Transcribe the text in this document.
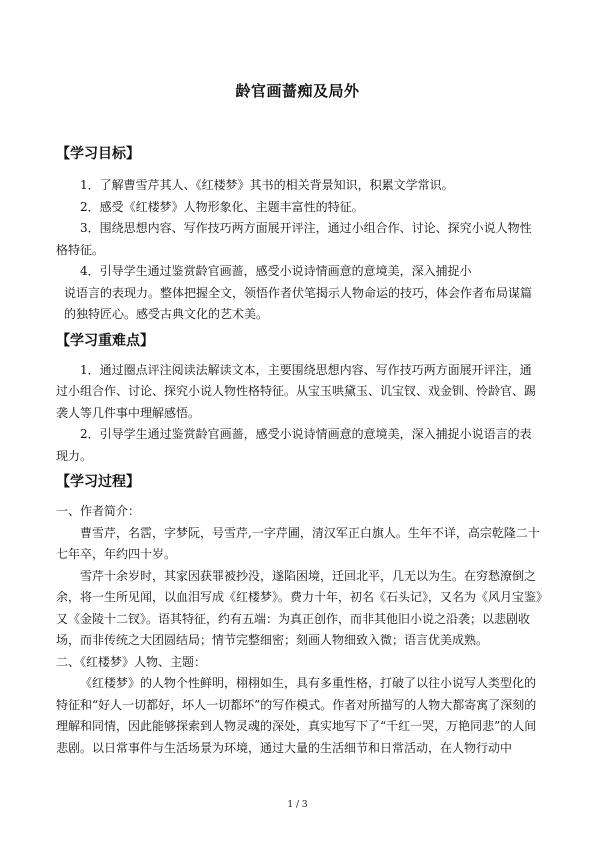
龄官画蔷痴及局外

【学习目标】

1．了解曹雪芹其人、《红楼梦》其书的相关背景知识，积累文学常识。

2．感受《红楼梦》人物形象化、主题丰富性的特征。

3．围绕思想内容、写作技巧两方面展开评注，通过小组合作、讨论、探究小说人物性格特征。

4．引导学生通过鉴赏龄官画蔷，感受小说诗情画意的意境美，深入捕捉小

说语言的表现力。整体把握全文，领悟作者伏笔揭示人物命运的技巧，体会作者布局谋篇的独特匠心。感受古典文化的艺术美。

【学习重难点】

1．通过圈点评注阅读法解读文本，主要围绕思想内容、写作技巧两方面展开评注，通过小组合作、讨论、探究小说人物性格特征。从宝玉哄黛玉、讥宝钗、戏金钏、怜龄官、踢袭人等几件事中理解感悟。

2．引导学生通过鉴赏龄官画蔷，感受小说诗情画意的意境美，深入捕捉小说语言的表现力。

【学习过程】

一、作者简介：

曹雪芹，名霑，字梦阮，号雪芹,一字芹圃，清汉军正白旗人。生年不详，高宗乾隆二十七年卒，年约四十岁。

雪芹十余岁时，其家因获罪被抄没，遂陷困境，迁回北平，几无以为生。在穷愁潦倒之余，将一生所见闻，以血泪写成《红楼梦》。费力十年，初名《石头记》，又名为《风月宝鉴》又《金陵十二钗》。语其特征，约有五端：为真正创作，而非其他旧小说之沿袭；以悲剧收场，而非传统之大团圆结局；情节完整细密；刻画人物细致入微；语言优美成熟。

二、《红楼梦》人物、主题：

《红楼梦》的人物个性鲜明，栩栩如生，具有多重性格，打破了以往小说写人类型化的特征和“好人一切都好，坏人一切都坏”的写作模式。作者对所描写的人物大都寄寓了深刻的理解和同情，因此能够探索到人物灵魂的深处，真实地写下了“千红一哭，万艳同悲”的人间悲剧。以日常事件与生活场景为环境，通过大量的生活细节和日常活动，在人物行动中

1 / 3
